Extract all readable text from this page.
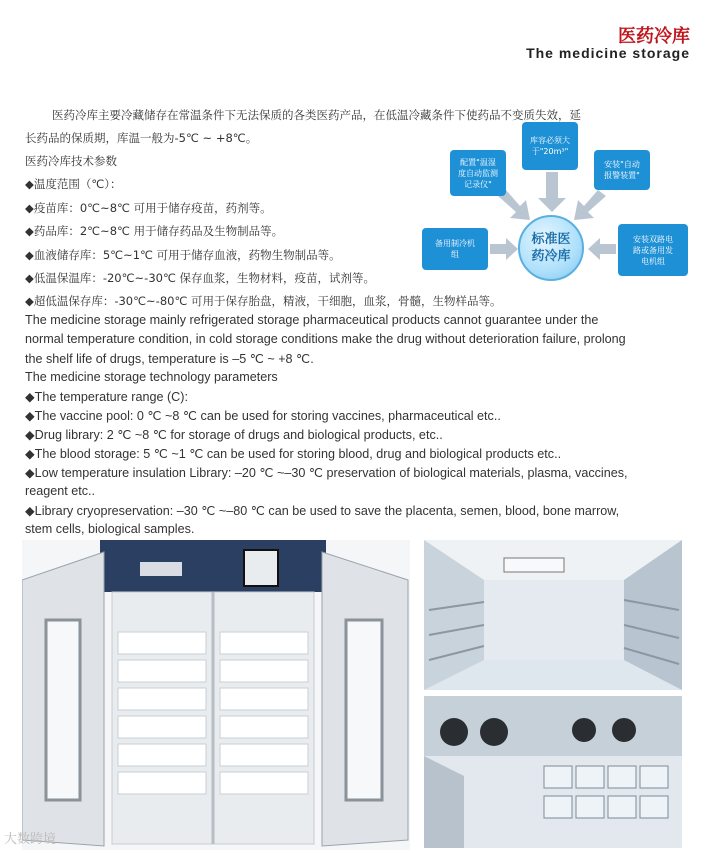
医药冷库
The medicine storage
医药冷库主要冷藏储存在常温条件下无法保质的各类医药产品，在低温冷藏条件下使药品不变质失效，延
长药品的保质期，库温一般为-5℃ ~ +8℃。
医药冷库技术参数
◆温度范围（℃）：
◆疫苗库：0℃~8℃ 可用于储存疫苗，药剂等。
◆药品库：2℃~8℃ 用于储存药品及生物制品等。
◆血液储存库：5℃~1℃ 可用于储存血液，药物生物制品等。
◆低温保温库：-20℃~-30℃ 保存血浆，生物材料，疫苗，试剂等。
◆超低温保存库：-30℃~-80℃ 可用于保存胎盘，精液，干细胞，血浆，骨髓，生物样品等。
库容必须大
于"20m³"
配置"温湿
度自动监测
记录仪"
安装"自动
报警装置"
备用制冷机
组
安装双路电
路或备用发
电机组
标准医
药冷库
The medicine storage mainly refrigerated storage pharmaceutical products cannot guarantee under the
normal temperature condition, in cold storage conditions make the drug without deterioration failure, prolong
the shelf life of drugs, temperature is –5 ℃ ~ +8 ℃.
The medicine storage technology parameters
◆The temperature range (C):
◆The vaccine pool: 0 ℃ ~8 ℃ can be used for storing vaccines, pharmaceutical etc..
◆Drug library: 2 ℃ ~8 ℃ for storage of drugs and biological products, etc..
◆The blood storage: 5 ℃ ~1 ℃ can be used for storing blood, drug and biological products etc..
◆Low temperature insulation Library: –20 ℃ ~–30 ℃ preservation of biological materials, plasma, vaccines,
reagent etc..
◆Library cryopreservation: –30 ℃ ~–80 ℃ can be used to save the placenta, semen, blood, bone marrow,
stem cells, biological samples.
大数跨境
